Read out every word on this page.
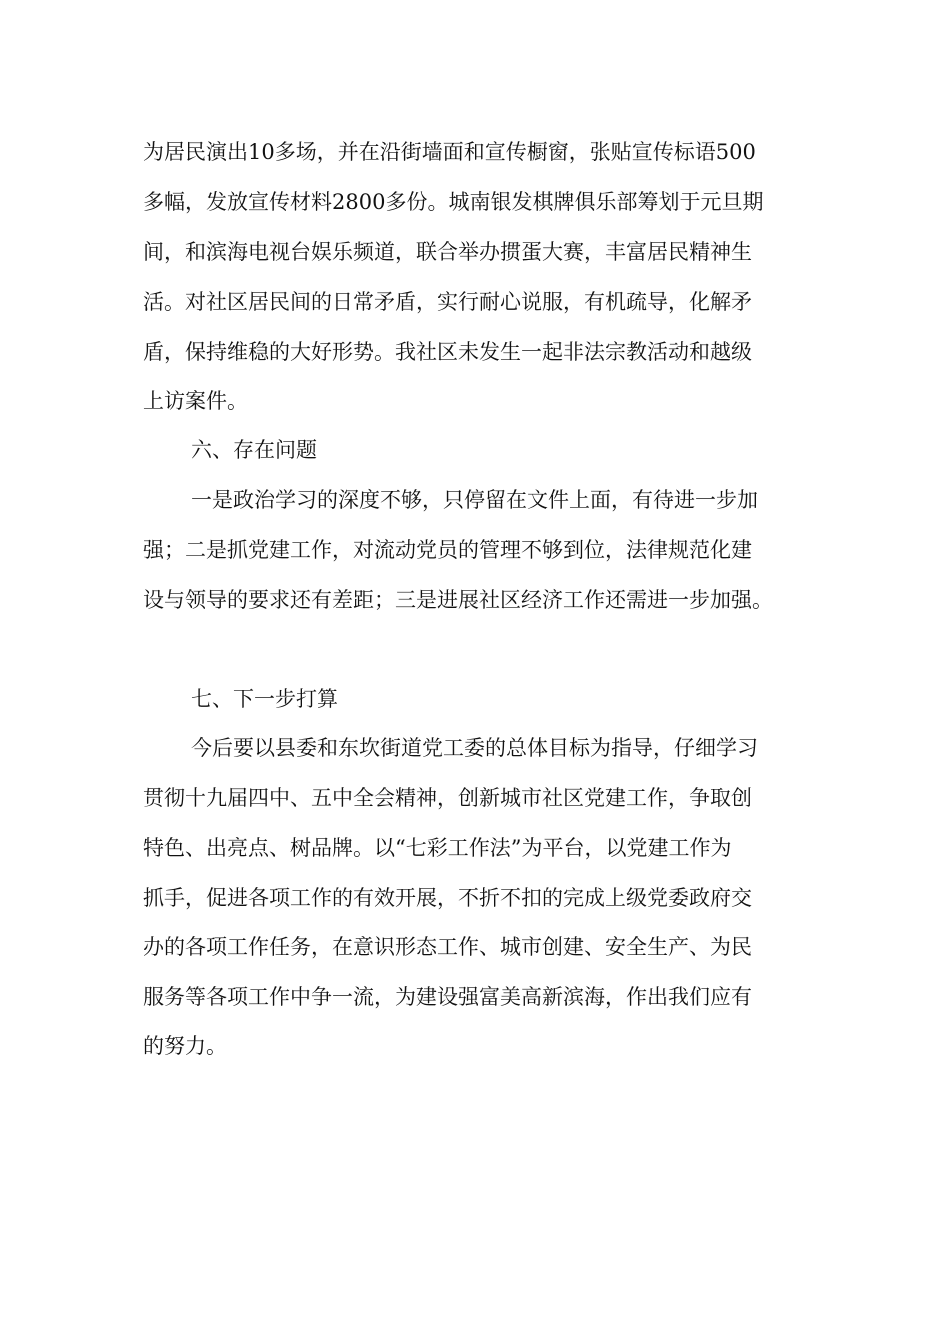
为居民演出10多场，并在沿街墙面和宣传橱窗，张贴宣传标语500
多幅，发放宣传材料2800多份。城南银发棋牌俱乐部筹划于元旦期
间，和滨海电视台娱乐频道，联合举办掼蛋大赛，丰富居民精神生
活。对社区居民间的日常矛盾，实行耐心说服，有机疏导，化解矛
盾，保持维稳的大好形势。我社区未发生一起非法宗教活动和越级
上访案件。
六、存在问题
一是政治学习的深度不够，只停留在文件上面，有待进一步加
强；二是抓党建工作，对流动党员的管理不够到位，法律规范化建
设与领导的要求还有差距；三是进展社区经济工作还需进一步加强。
七、下一步打算
今后要以县委和东坎街道党工委的总体目标为指导，仔细学习
贯彻十九届四中、五中全会精神，创新城市社区党建工作，争取创
特色、出亮点、树品牌。以“七彩工作法”为平台，以党建工作为
抓手，促进各项工作的有效开展，不折不扣的完成上级党委政府交
办的各项工作任务，在意识形态工作、城市创建、安全生产、为民
服务等各项工作中争一流，为建设强富美高新滨海，作出我们应有
的努力。
